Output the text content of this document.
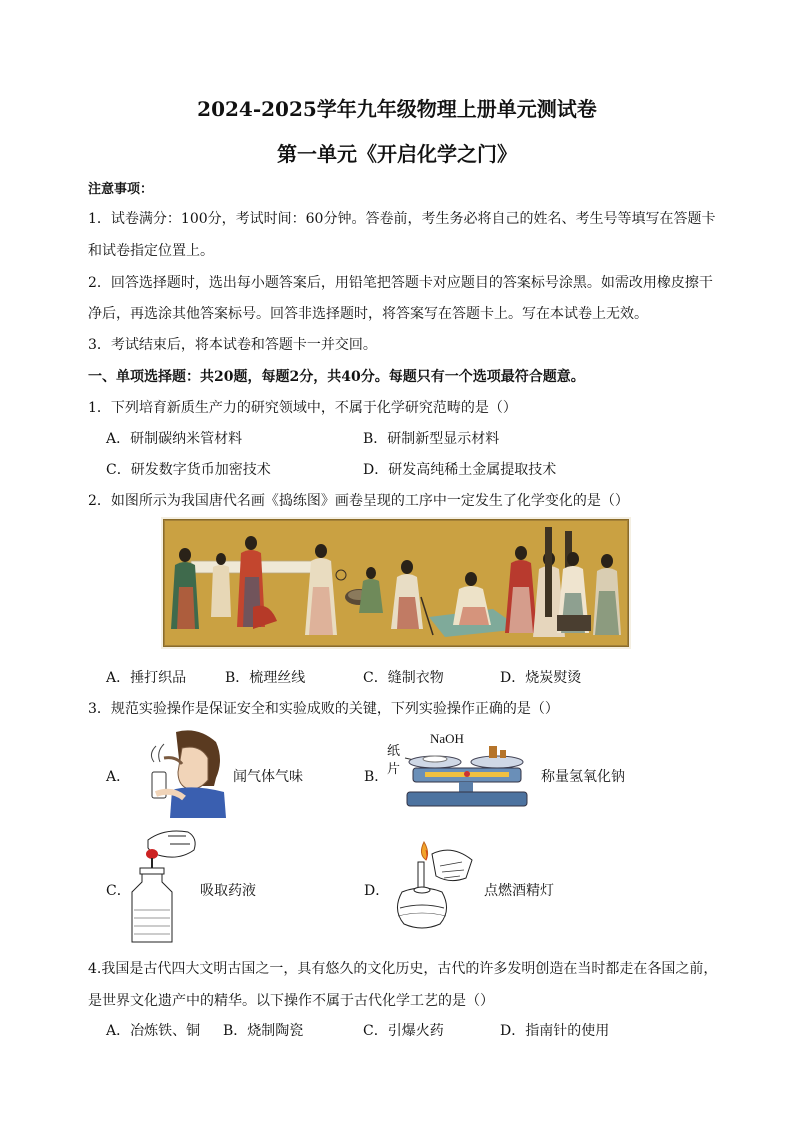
2024-2025学年九年级物理上册单元测试卷
第一单元《开启化学之门》
注意事项：
1．试卷满分：100分，考试时间：60分钟。答卷前，考生务必将自己的姓名、考生号等填写在答题卡
和试卷指定位置上。
2．回答选择题时，选出每小题答案后，用铅笔把答题卡对应题目的答案标号涂黑。如需改用橡皮擦干
净后，再选涂其他答案标号。回答非选择题时，将答案写在答题卡上。写在本试卷上无效。
3．考试结束后，将本试卷和答题卡一并交回。
一、单项选择题：共20题，每题2分，共40分。每题只有一个选项最符合题意。
1．下列培育新质生产力的研究领域中，不属于化学研究范畴的是（）
A．研制碳纳米管材料	B．研制新型显示材料
C．研发数字货币加密技术	D．研发高纯稀土金属提取技术
2．如图所示为我国唐代名画《捣练图》画卷呈现的工序中一定发生了化学变化的是（）
A．捶打织品	B．梳理丝线	C．缝制衣物	D．烧炭熨烫
3．规范实验操作是保证安全和实验成败的关键，下列实验操作正确的是（）
A．	闻气体气味	B．
NaOH
纸
片	称量氢氧化钠
C．	吸取药液	D．	点燃酒精灯
4.我国是古代四大文明古国之一，具有悠久的文化历史，古代的许多发明创造在当时都走在各国之前，
是世界文化遗产中的精华。以下操作不属于古代化学工艺的是（）
A．冶炼铁、铜 B．烧制陶瓷	C．引爆火药	D．指南针的使用
